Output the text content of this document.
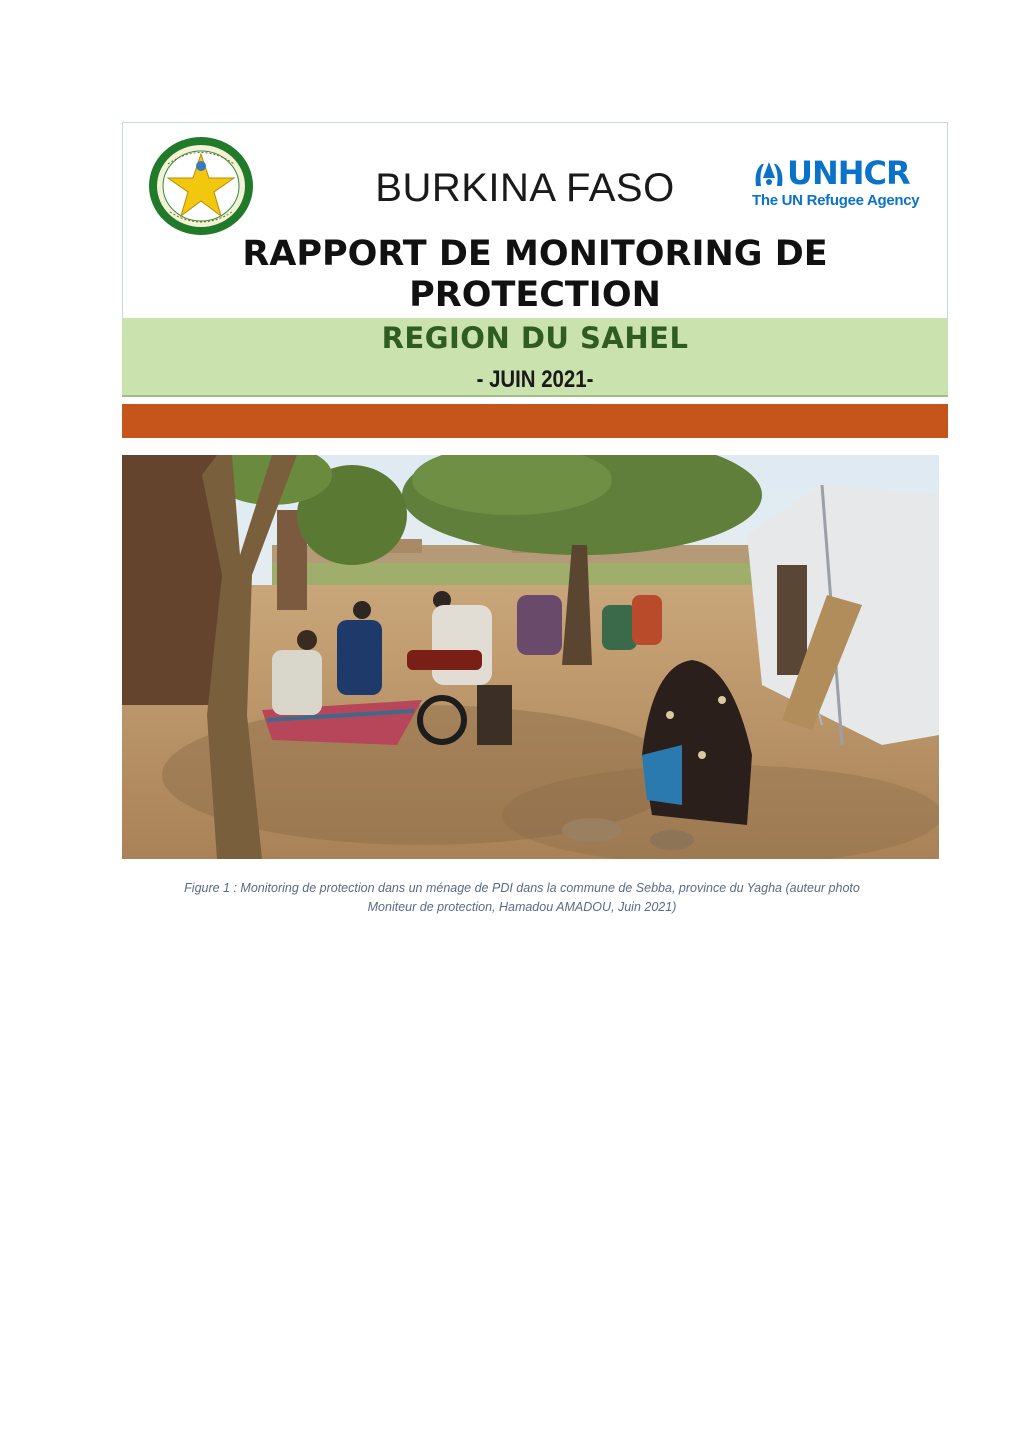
BURKINA FASO	UNHCR
The UN Refugee Agency
RAPPORT DE MONITORING DE
PROTECTION
REGION DU SAHEL
- JUIN 2021-
Figure 1 : Monitoring de protection dans un ménage de PDI dans la commune de Sebba, province du Yagha (auteur photo
Moniteur de protection, Hamadou AMADOU, Juin 2021)
